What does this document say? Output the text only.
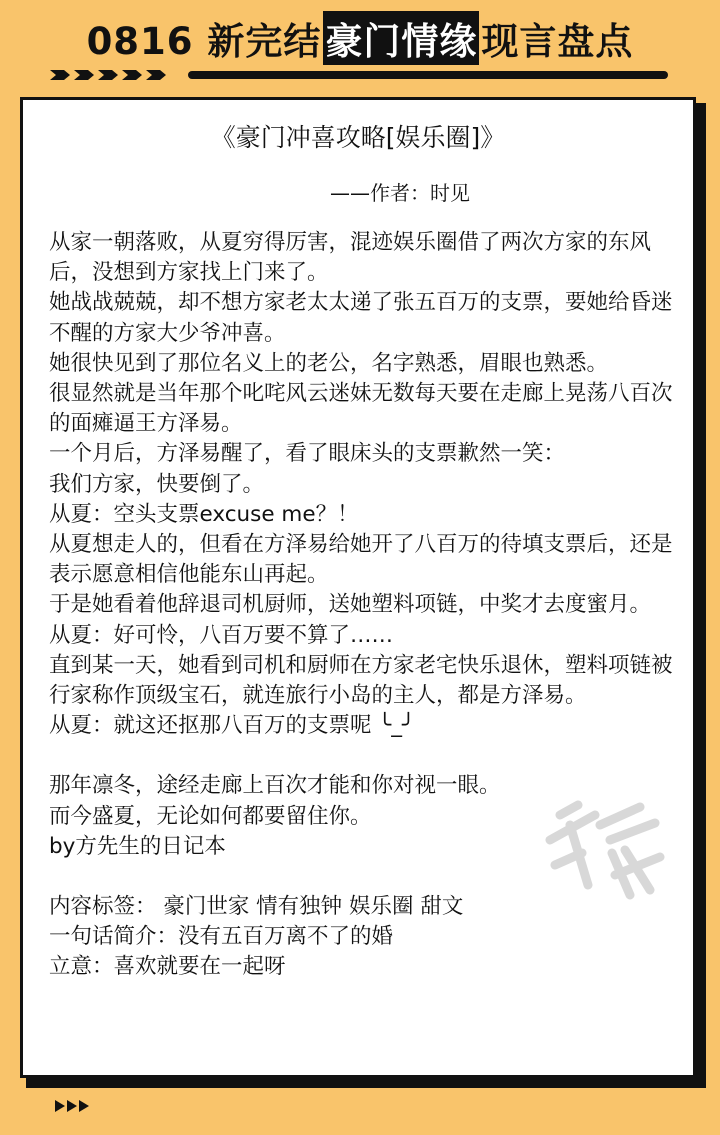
0816 新完结 豪门情缘 现言盘点
《豪门冲喜攻略[娱乐圈]》
——作者：时见
从家一朝落败，从夏穷得厉害，混迹娱乐圈借了两次方家的东风后，没想到方家找上门来了。
她战战兢兢，却不想方家老太太递了张五百万的支票，要她给昏迷不醒的方家大少爷冲喜。
她很快见到了那位名义上的老公，名字熟悉，眉眼也熟悉。
很显然就是当年那个叱咤风云迷妹无数每天要在走廊上晃荡八百次的面瘫逼王方泽易。
一个月后，方泽易醒了，看了眼床头的支票歉然一笑：
我们方家，快要倒了。
从夏：空头支票excuse me？！
从夏想走人的，但看在方泽易给她开了八百万的待填支票后，还是表示愿意相信他能东山再起。
于是她看着他辞退司机厨师，送她塑料项链，中奖才去度蜜月。
从夏：好可怜，八百万要不算了……
直到某一天，她看到司机和厨师在方家老宅快乐退休，塑料项链被行家称作顶级宝石，就连旅行小岛的主人，都是方泽易。
从夏：就这还抠那八百万的支票呢 ╰_╯
那年凛冬，途经走廊上百次才能和你对视一眼。
而今盛夏，无论如何都要留住你。
by方先生的日记本
内容标签： 豪门世家 情有独钟 娱乐圈 甜文
一句话简介：没有五百万离不了的婚
立意：喜欢就要在一起呀
